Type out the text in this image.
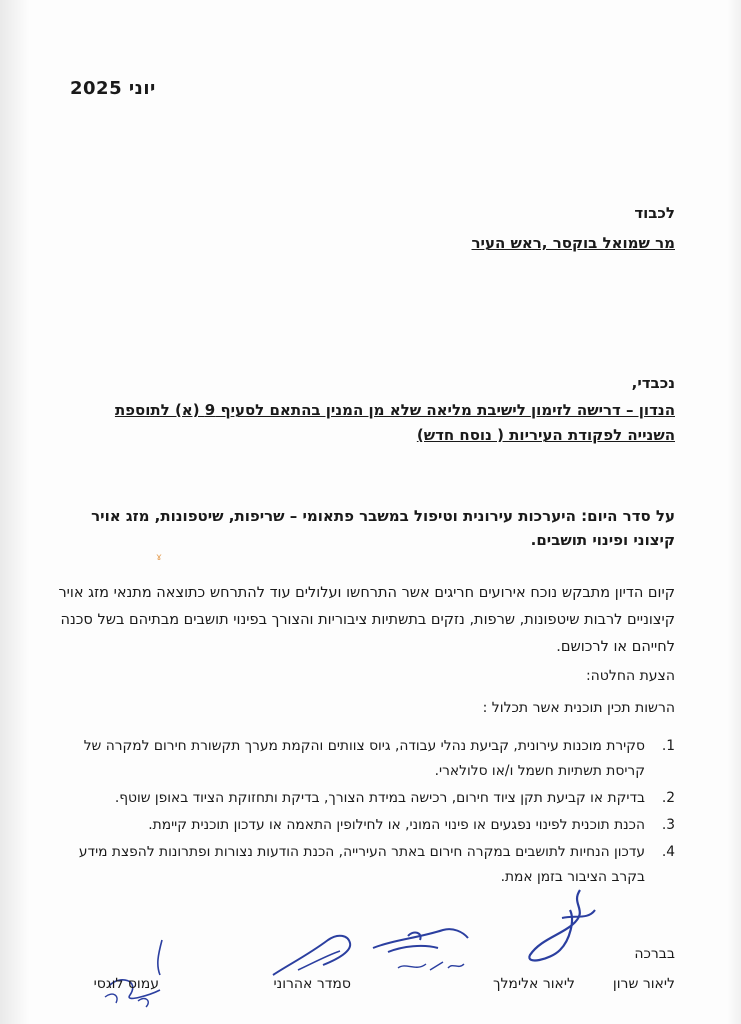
יוני 2025
לכבוד
מר שמואל בוקסר ,ראש העיר
נכבדי,
הנדון – דרישה לזימון לישיבת מליאה שלא מן המנין בהתאם לסעיף 9 (א) לתוספת השנייה לפקודת העיריות ( נוסח חדש)
ɤ
על סדר היום: היערכות עירונית וטיפול במשבר פתאומי – שריפות, שיטפונות, מזג אויר קיצוני ופינוי תושבים.
קיום הדיון מתבקש נוכח אירועים חריגים אשר התרחשו ועלולים עוד להתרחש כתוצאה מתנאי מזג אויר קיצוניים לרבות שיטפונות, שרפות, נזקים בתשתיות ציבוריות והצורך בפינוי תושבים מבתיהם בשל סכנה לחייהם או לרכושם.
הצעת החלטה:
הרשות תכין תוכנית אשר תכלול :
1.
סקירת מוכנות עירונית, קביעת נהלי עבודה, גיוס צוותים והקמת מערך תקשורת חירום למקרה של קריסת תשתיות חשמל ו/או סלולארי.
2.
בדיקת או קביעת תקן ציוד חירום, רכישה במידת הצורך, בדיקת ותחזוקת הציוד באופן שוטף.
3.
הכנת תוכנית לפינוי נפגעים או פינוי המוני, או לחילופין התאמה או עדכון תוכנית קיימת.
4.
עדכון הנחיות לתושבים במקרה חירום באתר העירייה, הכנת הודעות נצורות ופתרונות להפצת מידע בקרב הציבור בזמן אמת.
בברכה
ליאור שרון
ליאור אלימלך
סמדר אהרוני
עמוס לוגסי
